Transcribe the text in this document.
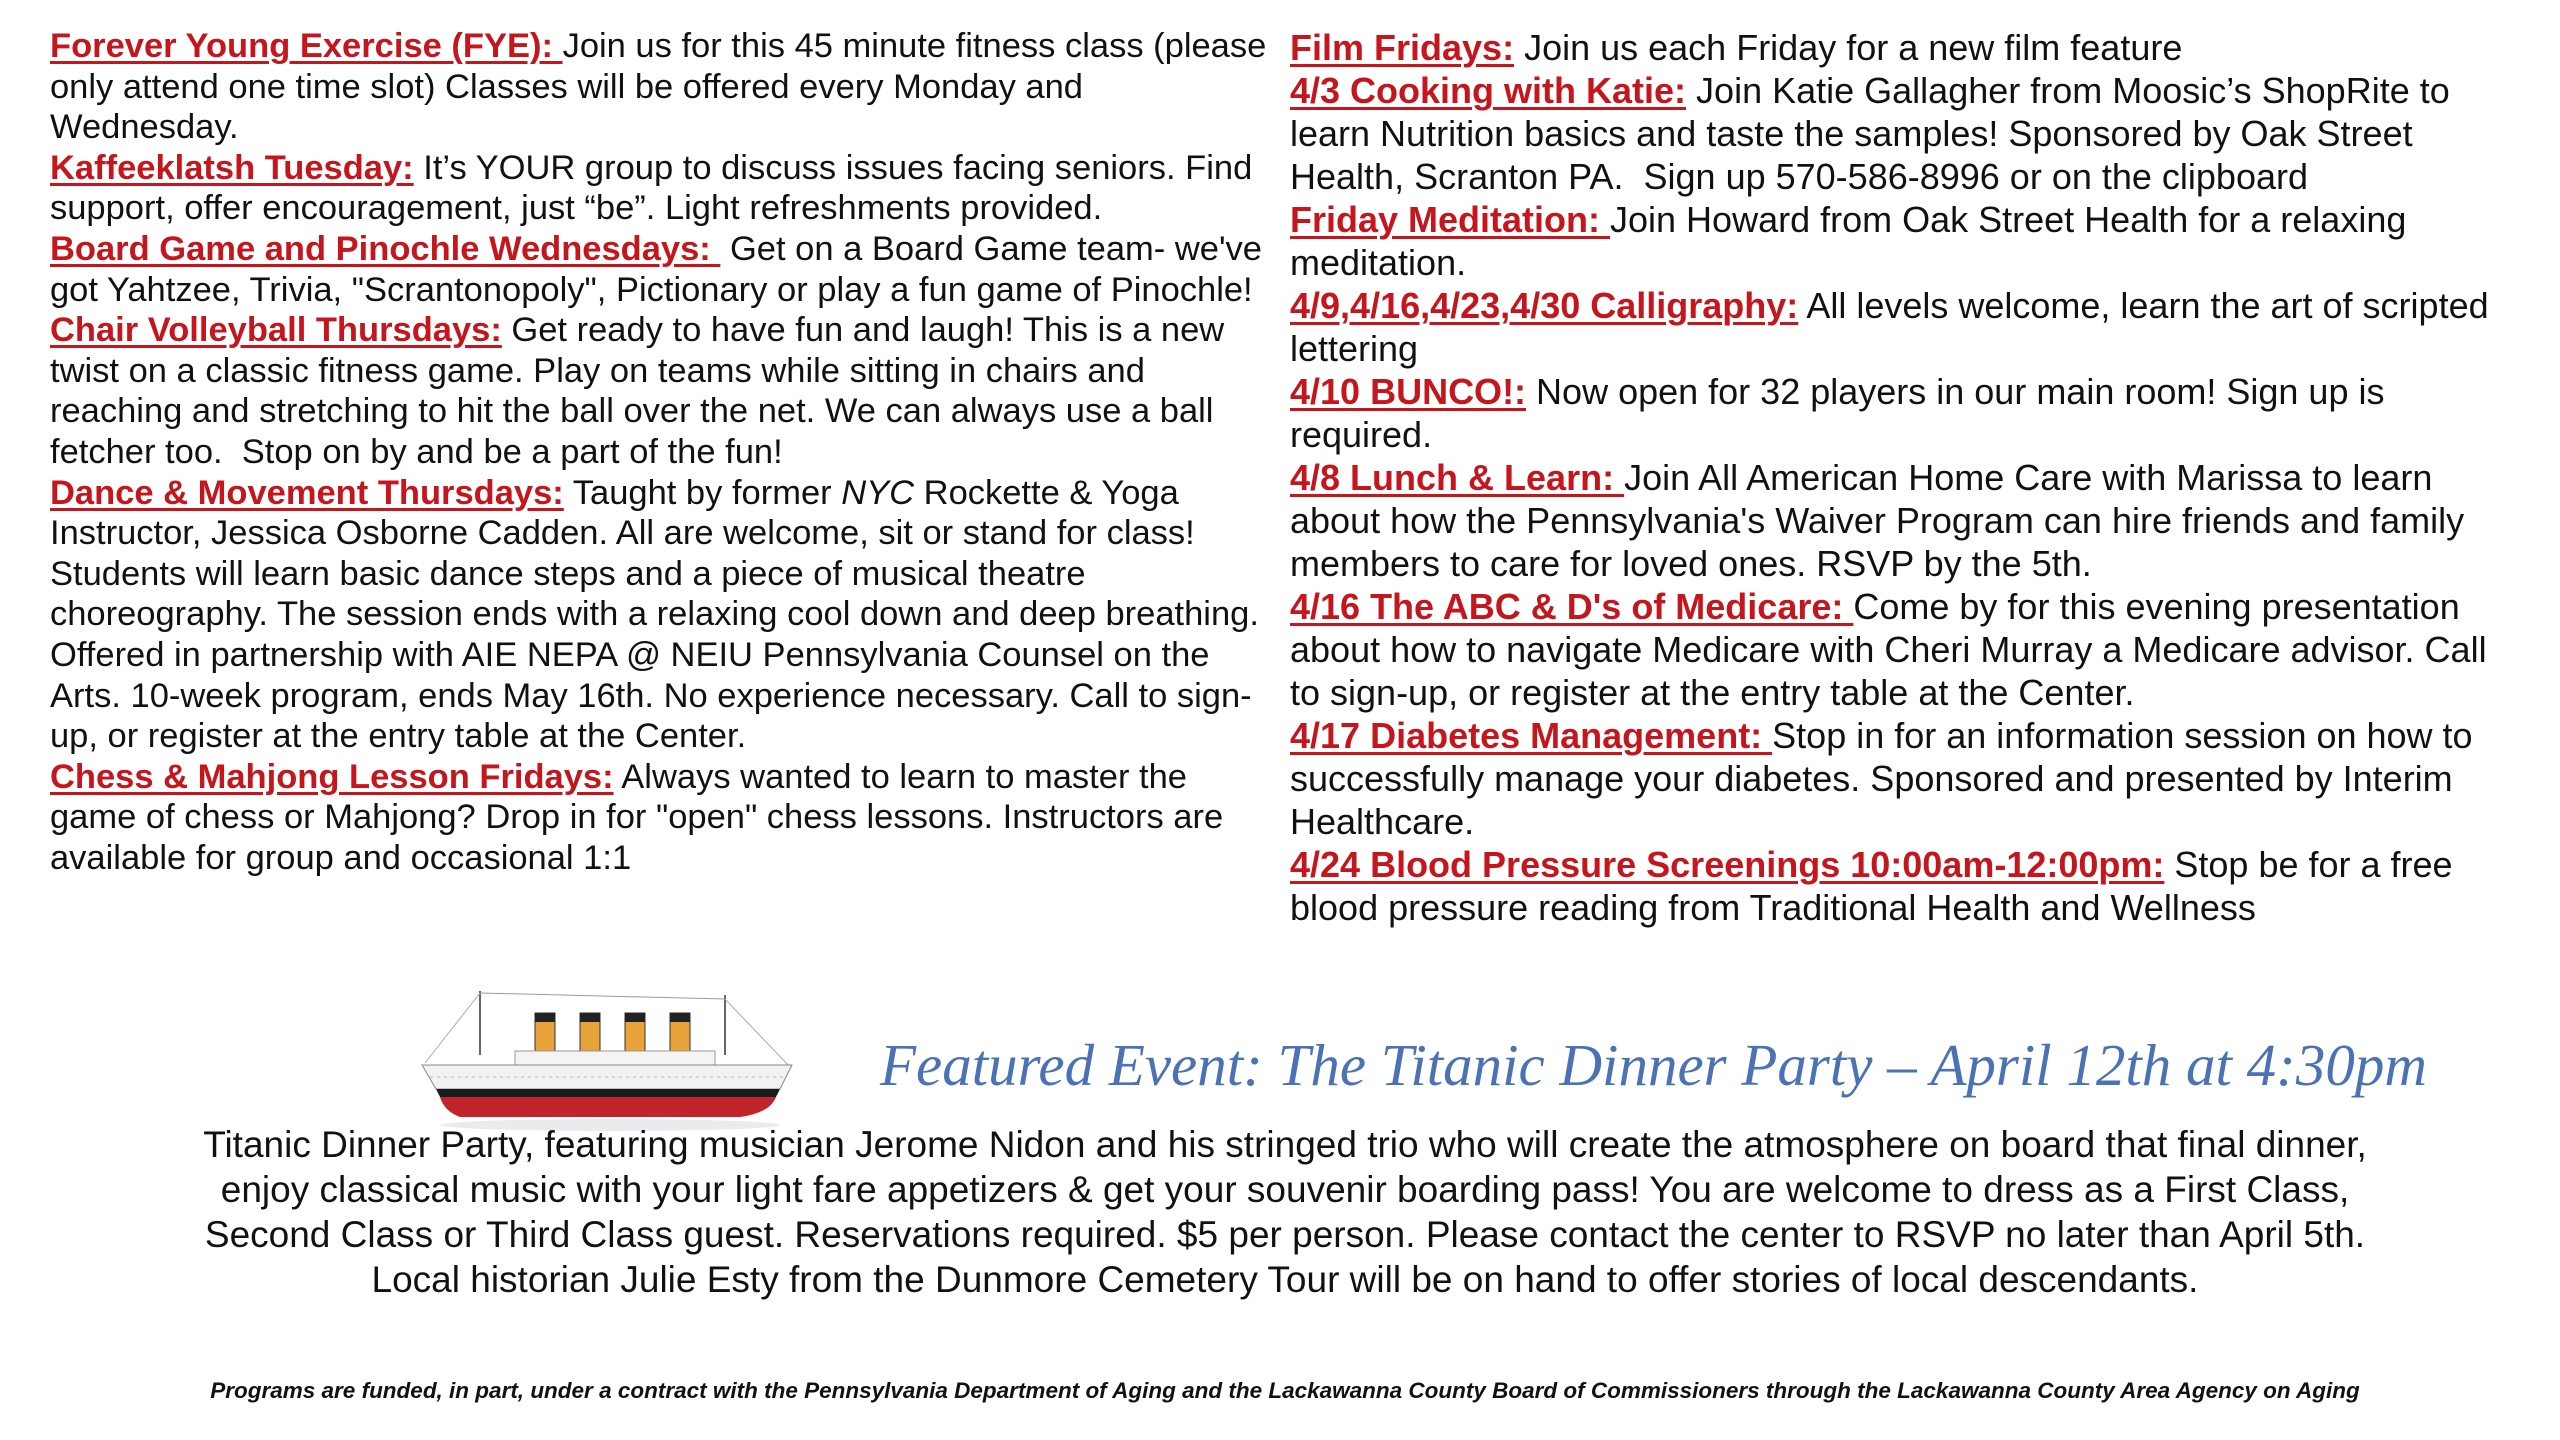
Forever Young Exercise (FYE): Join us for this 45 minute fitness class (please only attend one time slot) Classes will be offered every Monday and Wednesday.

Kaffeeklatsh Tuesday: It’s YOUR group to discuss issues facing seniors. Find support, offer encouragement, just “be”. Light refreshments provided.

Board Game and Pinochle Wednesdays:  Get on a Board Game team- we've got Yahtzee, Trivia, "Scrantonopoly", Pictionary or play a fun game of Pinochle!

Chair Volleyball Thursdays: Get ready to have fun and laugh! This is a new twist on a classic fitness game. Play on teams while sitting in chairs and reaching and stretching to hit the ball over the net. We can always use a ball fetcher too.  Stop on by and be a part of the fun!

Dance & Movement Thursdays: Taught by former NYC Rockette & Yoga Instructor, Jessica Osborne Cadden. All are welcome, sit or stand for class! Students will learn basic dance steps and a piece of musical theatre choreography. The session ends with a relaxing cool down and deep breathing. Offered in partnership with AIE NEPA @ NEIU Pennsylvania Counsel on the Arts. 10-week program, ends May 16th. No experience necessary. Call to sign-up, or register at the entry table at the Center.

Chess & Mahjong Lesson Fridays: Always wanted to learn to master the game of chess or Mahjong? Drop in for "open" chess lessons. Instructors are available for group and occasional 1:1

Film Fridays: Join us each Friday for a new film feature

4/3 Cooking with Katie: Join Katie Gallagher from Moosic’s ShopRite to learn Nutrition basics and taste the samples! Sponsored by Oak Street Health, Scranton PA.  Sign up 570-586-8996 or on the clipboard

Friday Meditation: Join Howard from Oak Street Health for a relaxing meditation.

4/9,4/16,4/23,4/30 Calligraphy: All levels welcome, learn the art of scripted lettering

4/10 BUNCO!: Now open for 32 players in our main room! Sign up is required.

4/8 Lunch & Learn: Join All American Home Care with Marissa to learn about how the Pennsylvania's Waiver Program can hire friends and family members to care for loved ones. RSVP by the 5th.

4/16 The ABC & D's of Medicare: Come by for this evening presentation about how to navigate Medicare with Cheri Murray a Medicare advisor. Call to sign-up, or register at the entry table at the Center.

4/17 Diabetes Management: Stop in for an information session on how to successfully manage your diabetes. Sponsored and presented by Interim Healthcare.

4/24 Blood Pressure Screenings 10:00am-12:00pm: Stop be for a free blood pressure reading from Traditional Health and Wellness

Featured Event: The Titanic Dinner Party – April 12th at 4:30pm
Titanic Dinner Party, featuring musician Jerome Nidon and his stringed trio who will create the atmosphere on board that final dinner,
enjoy classical music with your light fare appetizers & get your souvenir boarding pass! You are welcome to dress as a First Class,
Second Class or Third Class guest. Reservations required. $5 per person. Please contact the center to RSVP no later than April 5th.
Local historian Julie Esty from the Dunmore Cemetery Tour will be on hand to offer stories of local descendants.
Programs are funded, in part, under a contract with the Pennsylvania Department of Aging and the Lackawanna County Board of Commissioners through the Lackawanna County Area Agency on Aging
